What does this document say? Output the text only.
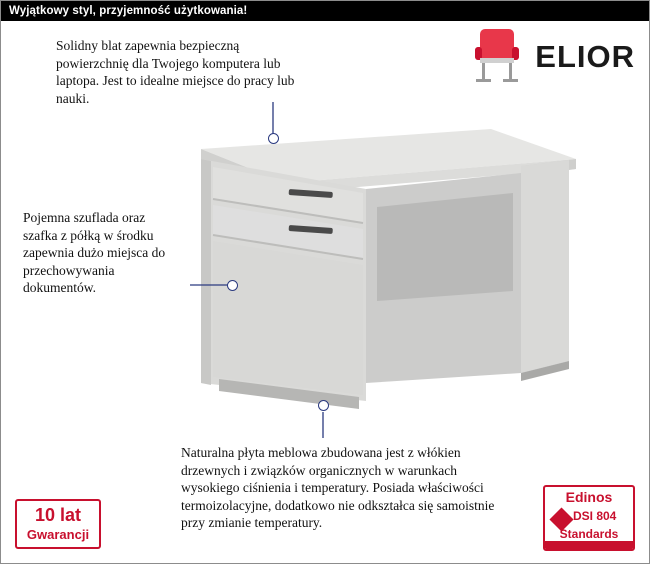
Wyjątkowy styl, przyjemność użytkowania!
ELIOR
Solidny blat zapewnia bezpieczną powierzchnię dla Twojego komputera lub laptopa. Jest to idealne miejsce do pracy lub nauki.
Pojemna szuflada oraz szafka z półką w środku zapewnia dużo miejsca do przechowywania dokumentów.
Naturalna płyta meblowa zbudowana jest z włókien drzewnych i związków organicznych w warunkach wysokiego ciśnienia i temperatury. Posiada właściwości termoizolacyjne, dodatkowo nie odkształca się samoistnie przy zmianie temperatury.
10 lat
Gwarancji
Edinos
DSI 804
Standards
